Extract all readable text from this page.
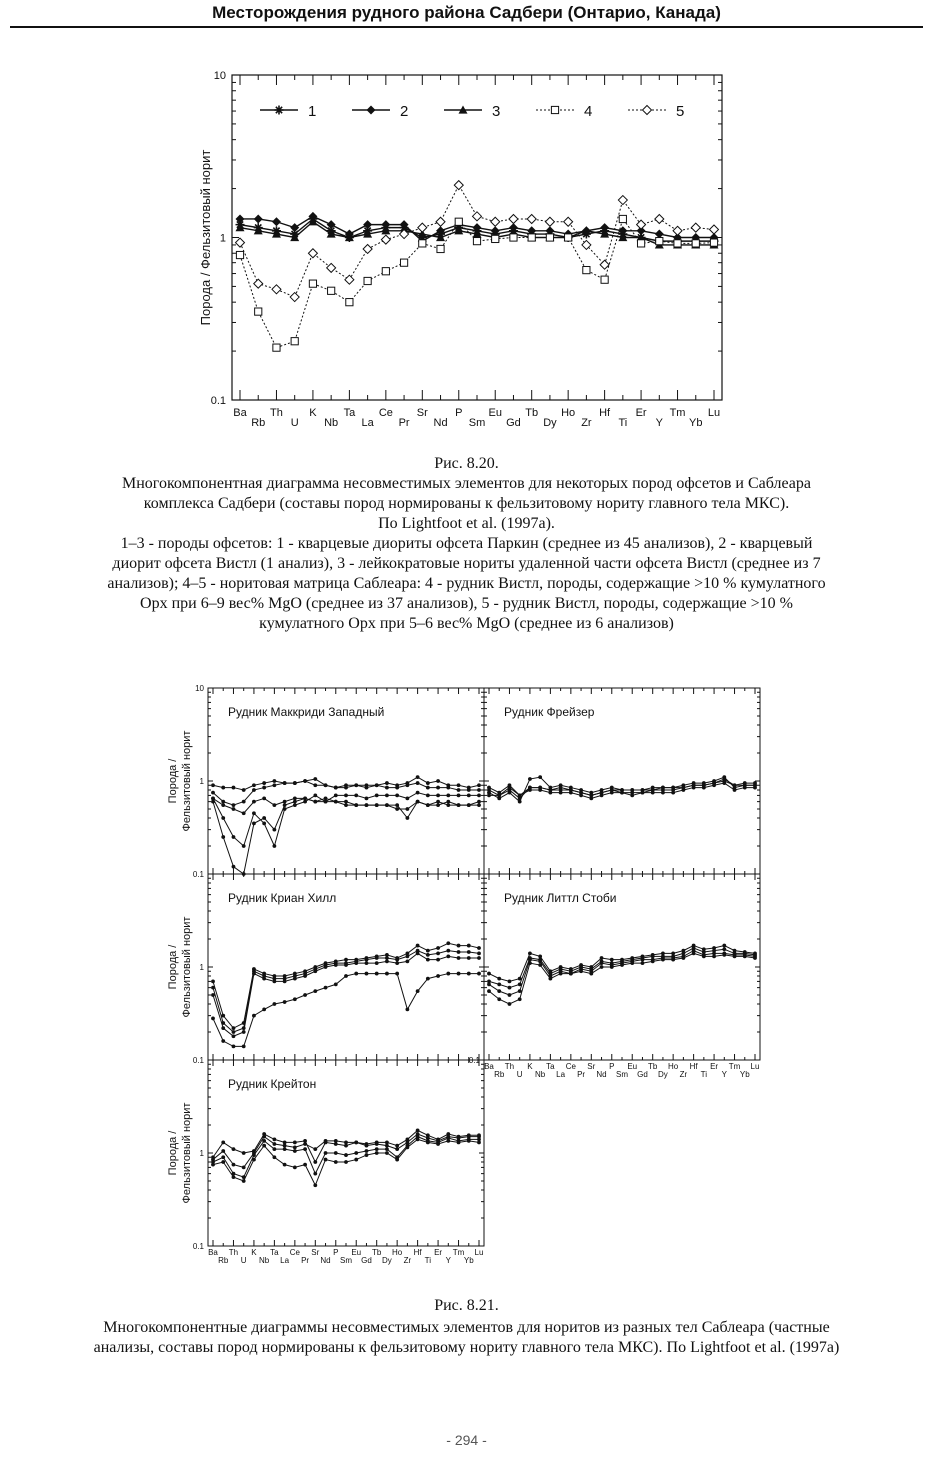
Месторождения рудного района Садбери (Онтарио, Канада)
10
1
0.1
Порода / Фельзитовый норит
Ba
Rb
Th
U
K
Nb
Ta
La
Ce
Pr
Sr
Nd
P
Sm
Eu
Gd
Tb
Dy
Ho
Zr
Hf
Ti
Er
Y
Tm
Yb
Lu
1	2	3	4	5
Рис. 8.20.
Многокомпонентная диаграмма несовместимых элементов для некоторых пород офсетов и Саблеара
комплекса Садбери (составы пород нормированы к фельзитовому нориту главного тела МКС).
По Lightfoot et al. (1997a).
1–3 - породы офсетов: 1 - кварцевые диориты офсета Паркин (среднее из 45 анализов), 2 - кварцевый
диорит офсета Вистл (1 анализ), 3 - лейкократовые нориты удаленной части офсета Вистл (среднее из 7
анализов); 4–5 - норитовая матрица Саблеара: 4 - рудник Вистл, породы, содержащие >10 % кумулатного
Opx при 6–9 вес% MgO (среднее из 37 анализов), 5 - рудник Вистл, породы, содержащие >10 %
кумулатного Opx при 5–6 вес% MgO (среднее из 6 анализов)
Рудник Маккриди Западный
10
1
0.1
Порода / Фельзитовый норит
Рудник Фрейзер
Рудник Криан Хилл
1
0.1
Порода / Фельзитовый норит
Ba
Rb
Th
U
K
Nb
Ta
La
Ce
Pr
Sr
Nd
P
Sm
Eu
Gd
Tb
Dy
Ho
Zr
Hf
Ti
Er
Y
Tm
Yb
Lu
Рудник Литтл Стоби
0.1
Ba
Rb
Th
U
K
Nb
Ta
La
Ce
Pr
Sr
Nd
P
Sm
Eu
Gd
Tb
Dy
Ho
Zr
Hf
Ti
Er
Y
Tm
Yb
Lu
Рудник Крейтон
1
0.1
Порода / Фельзитовый норит
Рис. 8.21.
Многокомпонентные диаграммы несовместимых элементов для норитов из разных тел Саблеара (частные
анализы, составы пород нормированы к фельзитовому нориту главного тела МКС). По Lightfoot et al. (1997a)
- 294 -
